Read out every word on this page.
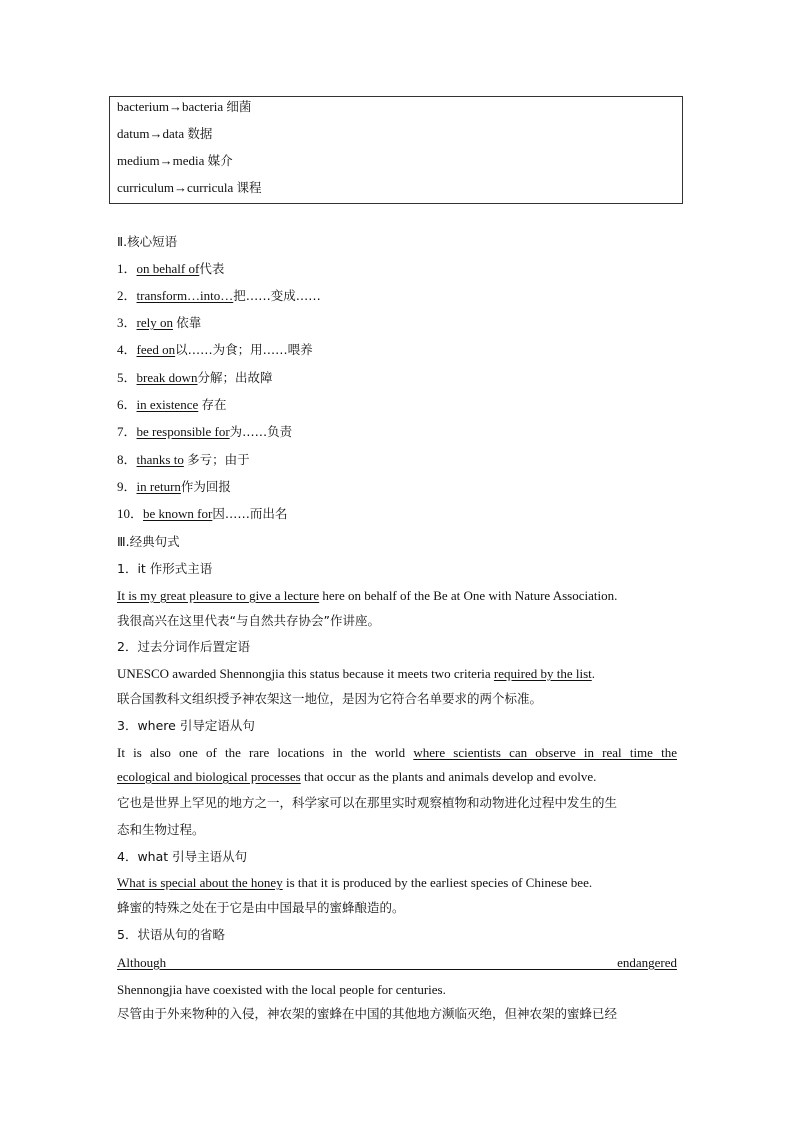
bacterium→bacteria 细菌
datum→data 数据
medium→media 媒介
curriculum→curricula 课程
Ⅱ.核心短语
1．on behalf of代表
2．transform…into…把……变成……
3．rely on 依靠
4．feed on以……为食；用……喂养
5．break down分解；出故障
6．in existence 存在
7．be responsible for为……负责
8．thanks to 多亏；由于
9．in return作为回报
10．be known for因……而出名
Ⅲ.经典句式
1．it 作形式主语
It is my great pleasure to give a lecture here on behalf of the Be at One with Nature Association.
我很高兴在这里代表“与自然共存协会”作讲座。
2．过去分词作后置定语
UNESCO awarded Shennongjia this status because it meets two criteria required by the list.
联合国教科文组织授予神农架这一地位，是因为它符合名单要求的两个标准。
3．where 引导定语从句
It is also one of the rare locations in the world where scientists can observe in real time the
ecological and biological processes that occur as the plants and animals develop and evolve.
它也是世界上罕见的地方之一，科学家可以在那里实时观察植物和动物进化过程中发生的生
态和生物过程。
4．what 引导主语从句
What is special about the honey is that it is produced by the earliest species of Chinese bee.
蜂蜜的特殊之处在于它是由中国最早的蜜蜂酿造的。
5．状语从句的省略
Although endangered
Shennongjia have coexisted with the local people for centuries.
尽管由于外来物种的入侵，神农架的蜜蜂在中国的其他地方濒临灭绝，但神农架的蜜蜂已经
